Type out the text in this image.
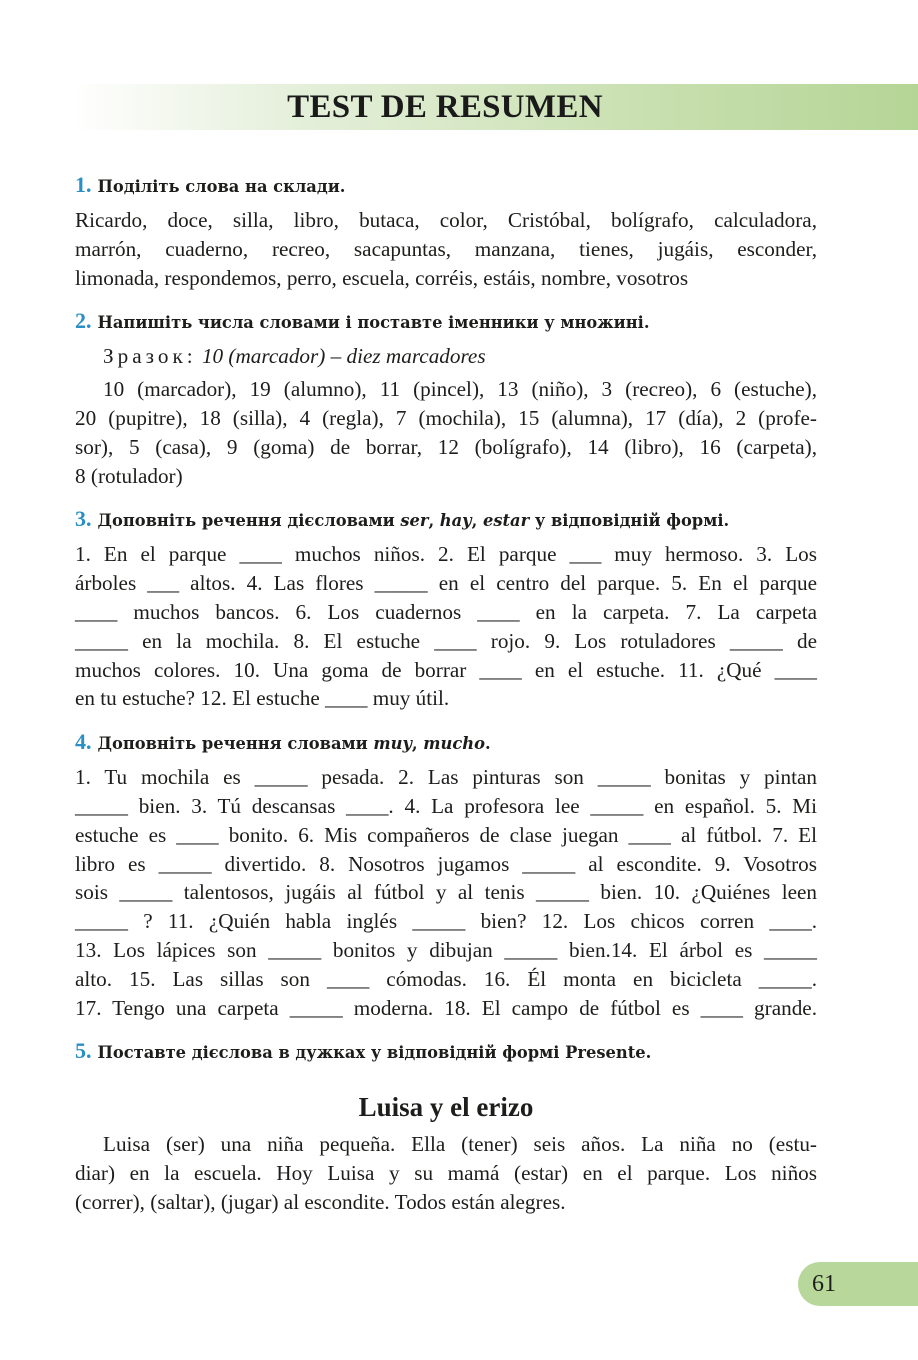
TEST DE RESUMEN
1. Поділіть слова на склади.
Ricardo, doce, silla, libro, butaca, color, Cristóbal, bolígrafo, calculadora,
marrón, cuaderno, recreo, sacapuntas, manzana, tienes, jugáis, esconder,
limonada, respondemos, perro, escuela, corréis, estáis, nombre, vosotros
2. Напишіть числа словами і поставте іменники у множині.
Зразок: 10 (marcador) – diez marcadores
10 (marcador), 19 (alumno), 11 (pincel), 13 (niño), 3 (recreo), 6 (estuche),
20 (pupitre), 18 (silla), 4 (regla), 7 (mochila), 15 (alumna), 17 (día), 2 (profe-
sor), 5 (casa), 9 (goma) de borrar, 12 (bolígrafo), 14 (libro), 16 (carpeta),
8 (rotulador)
3. Доповніть речення дієсловами ser, hay, estar у відповідній формі.
1. En el parque ____ muchos niños. 2. El parque ___ muy hermoso. 3. Los
árboles ___ altos. 4. Las flores _____ en el centro del parque. 5. En el parque
____ muchos bancos. 6. Los cuadernos ____ en la carpeta. 7. La carpeta
_____ en la mochila. 8. El estuche ____ rojo. 9. Los rotuladores _____ de
muchos colores. 10. Una goma de borrar ____ en el estuche. 11. ¿Qué ____
en tu estuche? 12. El estuche ____ muy útil.
4. Доповніть речення словами muy, mucho.
1. Tu mochila es _____ pesada. 2. Las pinturas son _____ bonitas y pintan
_____ bien. 3. Tú descansas ____. 4. La profesora lee _____ en español. 5. Mi
estuche es ____ bonito. 6. Mis compañeros de clase juegan ____ al fútbol. 7. El
libro es _____ divertido. 8. Nosotros jugamos _____ al escondite. 9. Vosotros
sois _____ talentosos, jugáis al fútbol y al tenis _____ bien. 10. ¿Quiénes leen
_____ ? 11. ¿Quién habla inglés _____ bien? 12. Los chicos corren ____.
13. Los lápices son _____ bonitos y dibujan _____ bien.14. El árbol es _____
alto. 15. Las sillas son ____ cómodas. 16. Él monta en bicicleta _____.
17. Tengo una carpeta _____ moderna. 18. El campo de fútbol es ____ grande.
5. Поставте дієслова в дужках у відповідній формі Presente.
Luisa y el erizo
Luisa (ser) una niña pequeña. Ella (tener) seis años. La niña no (estu-
diar) en la escuela. Hoy Luisa y su mamá (estar) en el parque. Los niños
(correr), (saltar), (jugar) al escondite. Todos están alegres.
61
